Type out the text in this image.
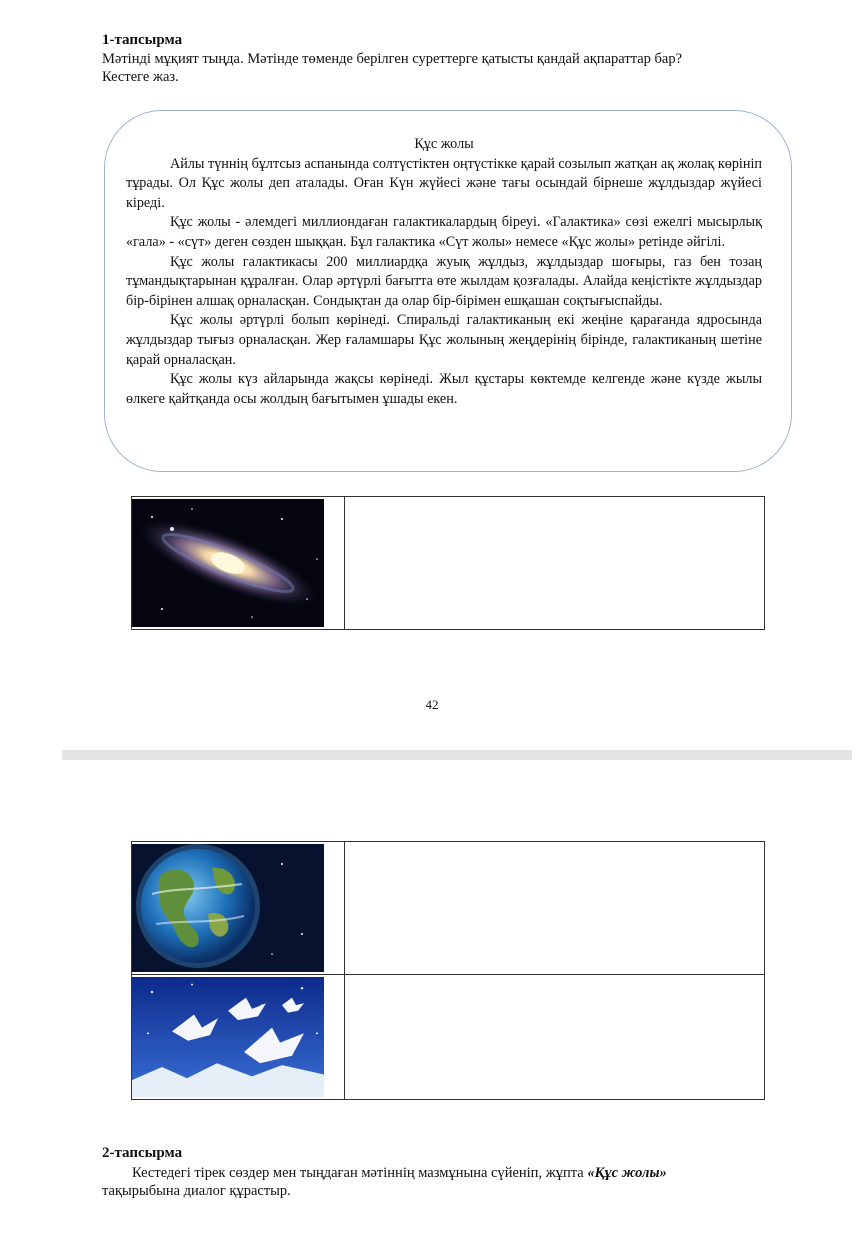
1-тапсырма
Мәтінді мұқият тыңда. Мәтінде төменде берілген суреттерге қатысты қандай ақпараттар бар?
Кестеге жаз.
Құс жолы

Айлы түннің бұлтсыз аспанында солтүстіктен оңтүстікке қарай созылып жатқан ақ жолақ көрініп тұрады. Ол Құс жолы деп аталады. Оған Күн жүйесі және тағы осындай бірнеше жұлдыздар жүйесі кіреді.

Құс жолы - әлемдегі миллиондаған галактикалардың біреуі. «Галактика» сөзі ежелгі мысырлық «гала» - «сүт» деген сөзден шыққан. Бұл галактика «Сүт жолы» немесе «Құс жолы» ретінде әйгілі.

Құс жолы галактикасы 200 миллиардқа жуық жұлдыз, жұлдыздар шоғыры, газ бен тозаң тұмандықтарынан құралған. Олар әртүрлі бағытта өте жылдам қозғалады. Алайда кеңістікте жұлдыздар бір-бірінен алшақ орналасқан. Сондықтан да олар бір-бірімен ешқашан соқтығыспайды.

Құс жолы әртүрлі болып көрінеді. Спиральді галактиканың екі жеңіне қарағанда ядросында жұлдыздар тығыз орналасқан. Жер ғаламшары Құс жолының жеңдерінің бірінде, галактиканың шетіне қарай орналасқан.

Құс жолы күз айларында жақсы көрінеді. Жыл құстары көктемде келгенде және күзде жылы өлкеге қайтқанда осы жолдың бағытымен ұшады екен.

42

2-тапсырма

Кестедегі тірек сөздер мен тыңдаған мәтіннің мазмұнына сүйеніп, жұпта «Құс жолы»

тақырыбына диалог құрастыр.
